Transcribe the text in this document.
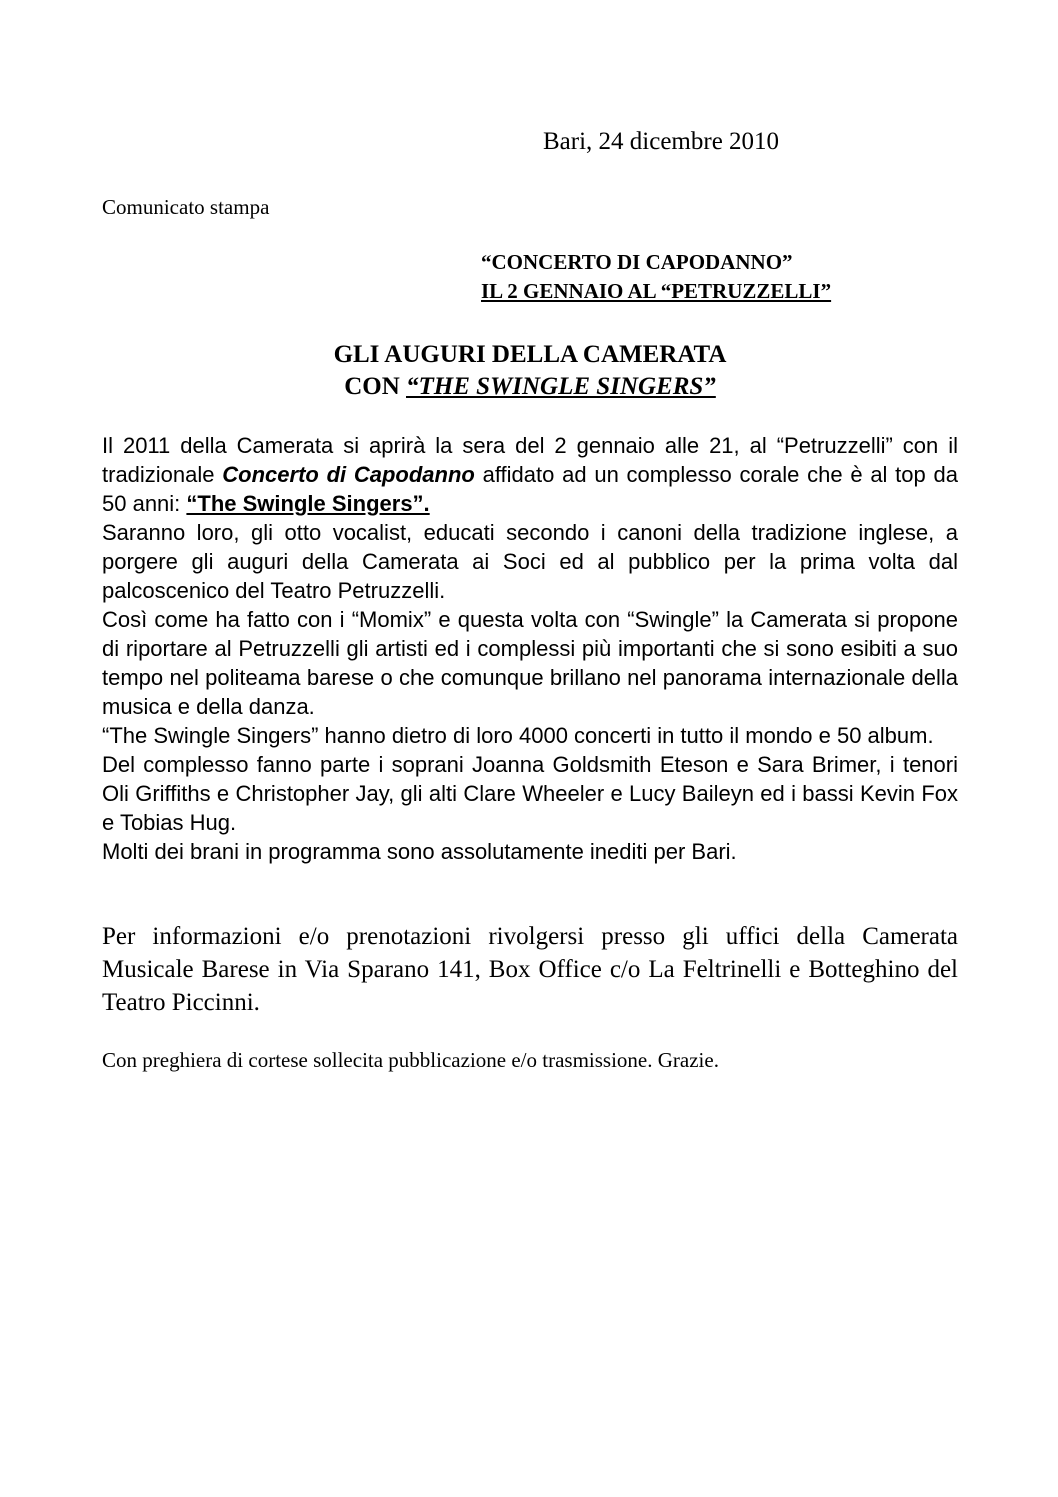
Bari, 24 dicembre 2010
Comunicato stampa
“CONCERTO DI CAPODANNO”
IL 2 GENNAIO AL “PETRUZZELLI”
GLI AUGURI DELLA CAMERATA
CON “THE SWINGLE SINGERS”

Il 2011 della Camerata si aprirà la sera del 2 gennaio alle 21, al “Petruzzelli” con il tradizionale Concerto di Capodanno affidato ad un complesso corale che è al top da 50 anni: “The Swingle Singers”.

Saranno loro, gli otto vocalist, educati secondo i canoni della tradizione inglese, a porgere gli auguri della Camerata ai Soci ed al pubblico per la prima volta dal palcoscenico del Teatro Petruzzelli.

Così come ha fatto con i “Momix” e questa volta con “Swingle” la Camerata si propone di riportare al Petruzzelli gli artisti ed i complessi più importanti che si sono esibiti a suo tempo nel politeama barese o che comunque brillano nel panorama internazionale della musica e della danza.

“The Swingle Singers” hanno dietro di loro 4000 concerti in tutto il mondo e 50 album.

Del complesso fanno parte i soprani Joanna Goldsmith Eteson e Sara Brimer, i tenori Oli Griffiths e Christopher Jay, gli alti Clare Wheeler e Lucy Baileyn ed i bassi Kevin Fox e Tobias Hug.

Molti dei brani in programma sono assolutamente inediti per Bari.

Per informazioni e/o prenotazioni rivolgersi presso gli uffici della Camerata Musicale Barese in Via Sparano 141, Box Office c/o La Feltrinelli e Botteghino del Teatro Piccinni.

Con preghiera di cortese sollecita pubblicazione e/o trasmissione. Grazie.
